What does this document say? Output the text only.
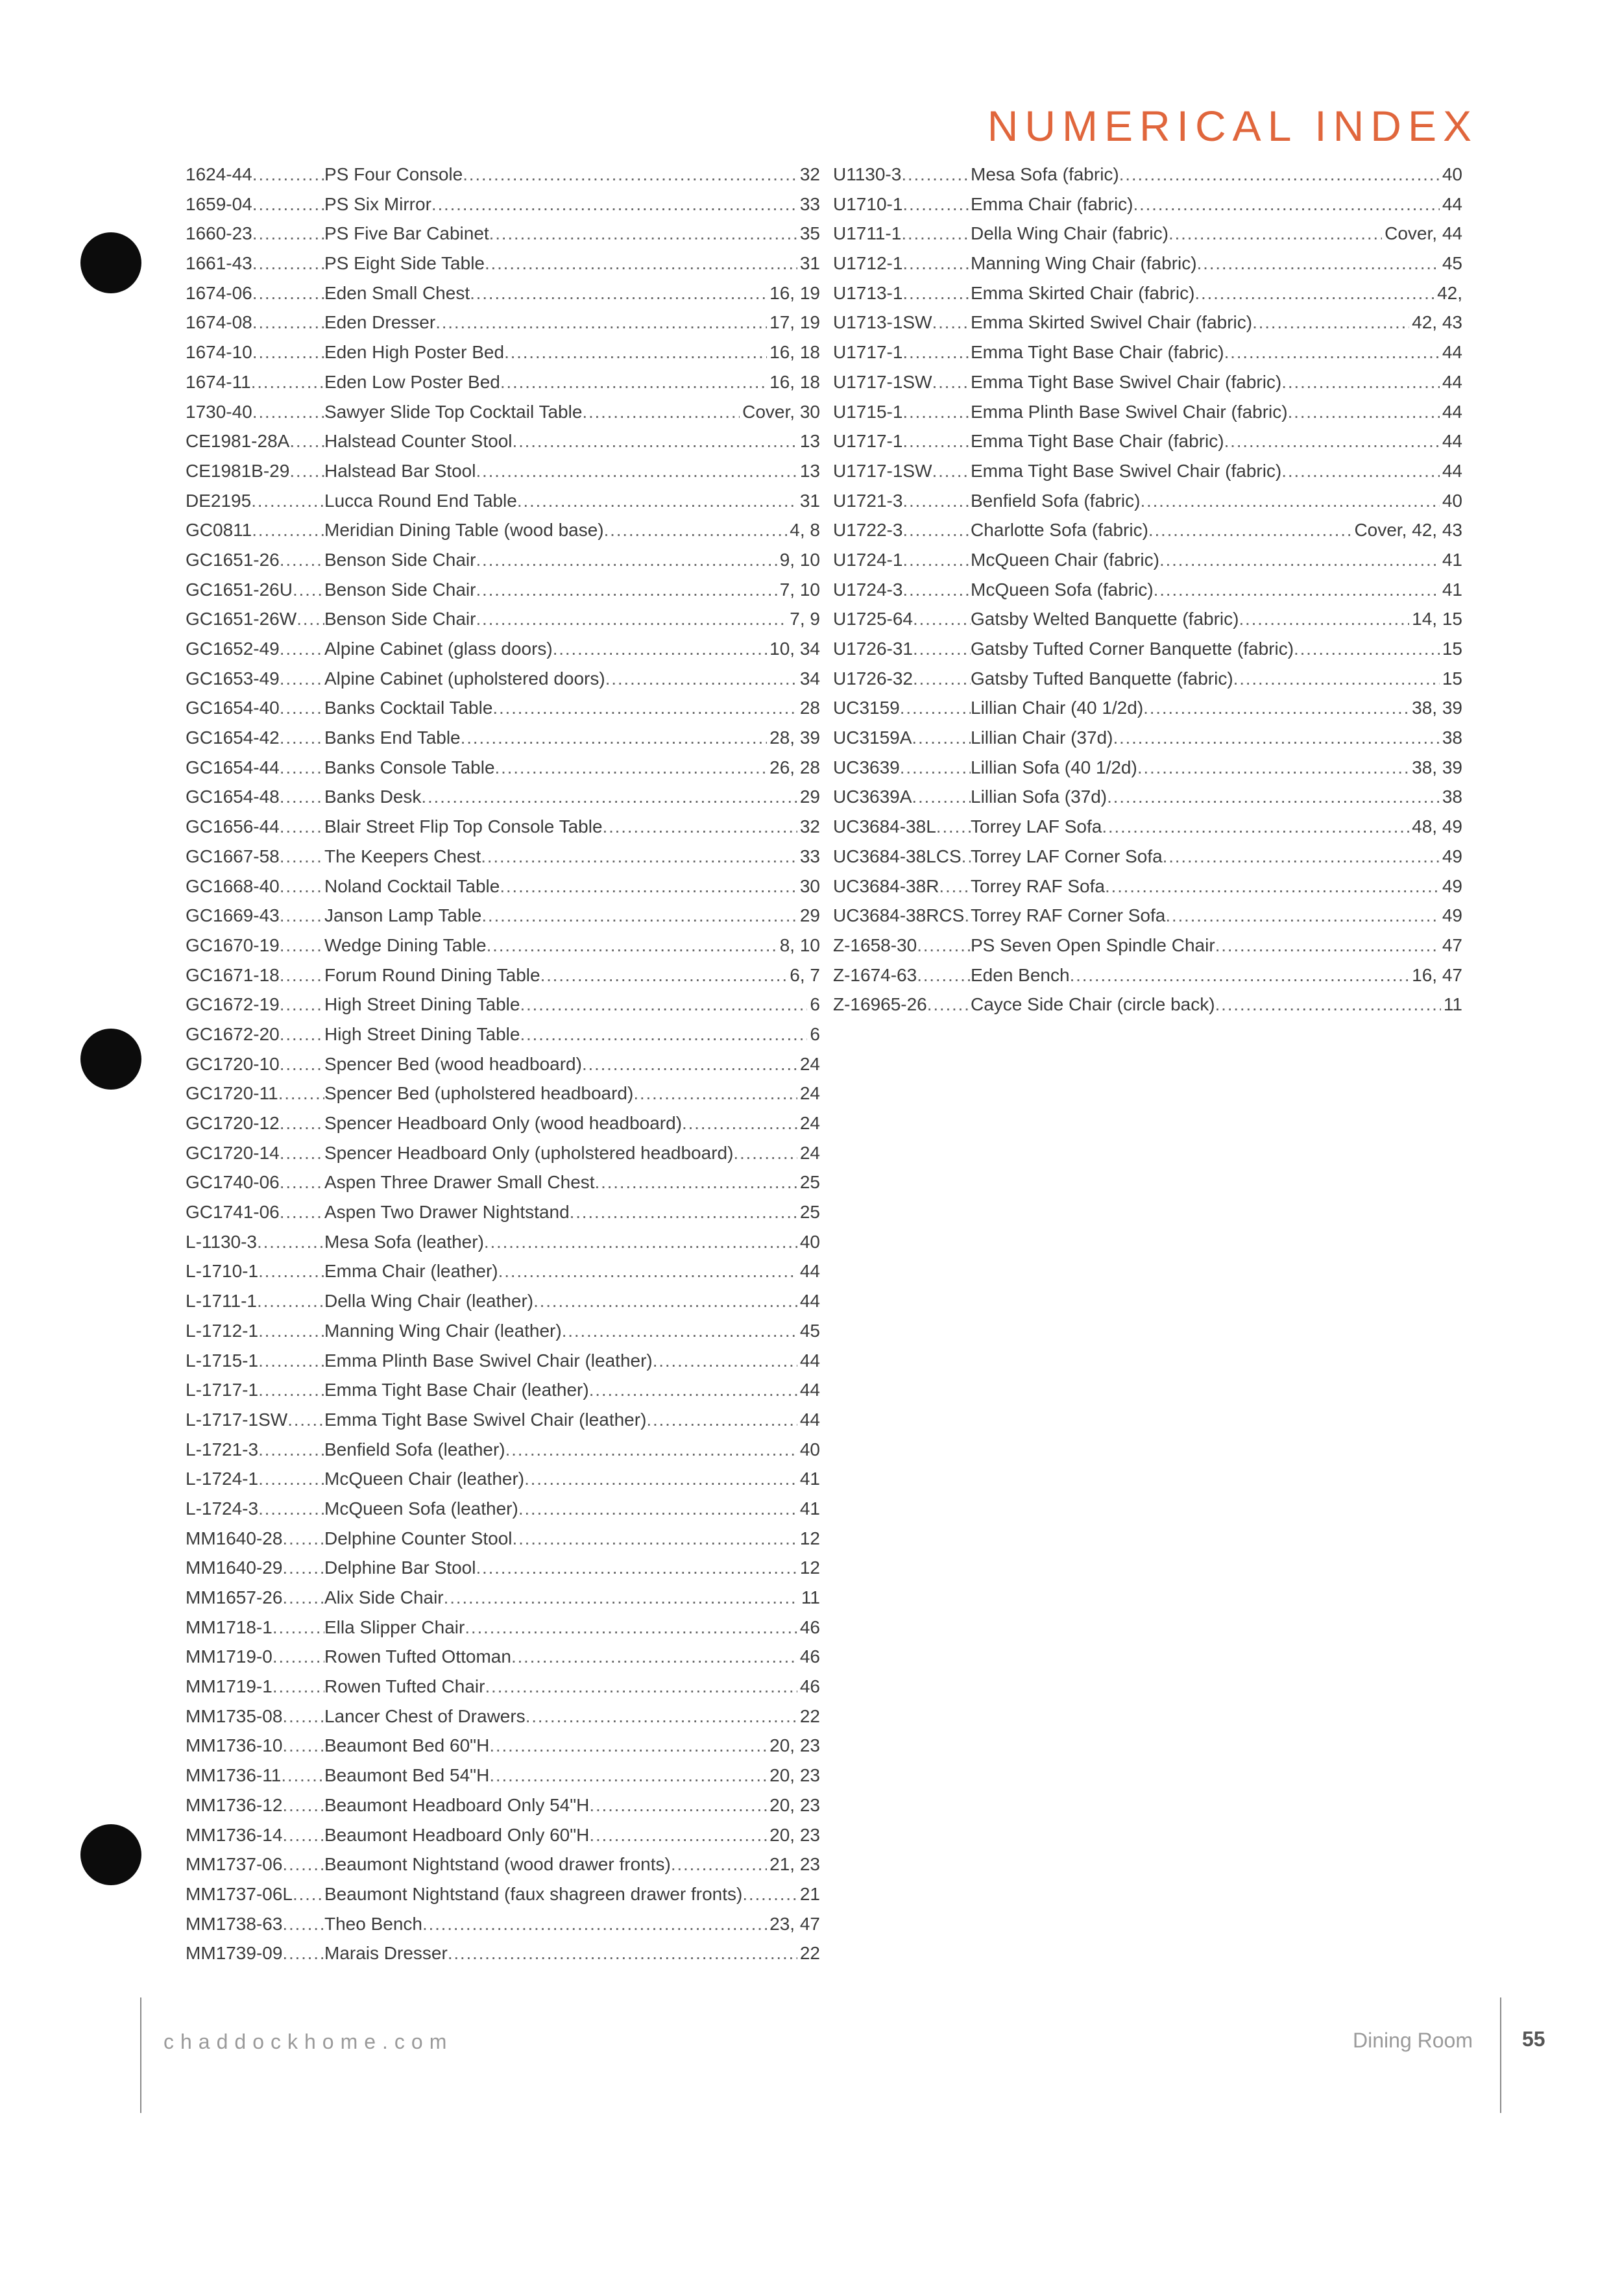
NUMERICAL INDEX
1624-44 . . .	PS Four Console . . .	32
1659-04 . . .	PS Six Mirror . . .	33
1660-23 . . .	PS Five Bar Cabinet . . .	35
1661-43 . . .	PS Eight Side Table . . .	31
1674-06 . . .	Eden Small Chest . . .	16, 19
1674-08 . . .	Eden Dresser . . .	17, 19
1674-10 . . .	Eden High Poster Bed . . .	16, 18
1674-11 . . .	Eden Low Poster Bed . . .	16, 18
1730-40 . . .	Sawyer Slide Top Cocktail Table . . .	Cover, 30
CE1981-28A . . . Halstead Counter Stool . . .	13
CE1981B-29 . . . Halstead Bar Stool . . .	13
DE2195 . . .	Lucca Round End Table . . .	31
GC0811 . . .	Meridian Dining Table (wood base) . . .	4, 8
GC1651-26 . . . Benson Side Chair . . .	9, 10
GC1651-26U . . . Benson Side Chair . . .	7, 10
GC1651-26W . . . Benson Side Chair . . .	7, 9
GC1652-49 . . . Alpine Cabinet (glass doors) . . .	10, 34
GC1653-49 . . . Alpine Cabinet (upholstered doors) . . .	34
GC1654-40 . . . Banks Cocktail Table . . .	28
GC1654-42 . . . Banks End Table . . .	28, 39
GC1654-44 . . . Banks Console Table . . .	26, 28
GC1654-48 . . . Banks Desk . . .	29
GC1656-44 . . . Blair Street Flip Top Console Table . . .	32
GC1667-58 . . . The Keepers Chest . . .	33
GC1668-40 . . . Noland Cocktail Table . . .	30
GC1669-43 . . . Janson Lamp Table . . .	29
GC1670-19 . . . Wedge Dining Table . . .	8, 10
GC1671-18 . . . Forum Round Dining Table . . .	6, 7
GC1672-19 . . . High Street Dining Table . . .	6
GC1672-20 . . . High Street Dining Table . . .	6
GC1720-10 . . . Spencer Bed (wood headboard) . . .	24
GC1720-11 . . .	Spencer Bed (upholstered headboard) . . .	24
GC1720-12 . . . Spencer Headboard Only (wood headboard) . . .	24
GC1720-14 . . . Spencer Headboard Only (upholstered headboard) . . .	24
GC1740-06 . . . Aspen Three Drawer Small Chest . . .	25
GC1741-06 . . . Aspen Two Drawer Nightstand . . .	25
L-1130-3 . . .	Mesa Sofa (leather) . . .	40
L-1710-1 . . .	Emma Chair (leather) . . .	44
L-1711-1 . . .	Della Wing Chair (leather) . . .	44
L-1712-1 . . .	Manning Wing Chair (leather) . . .	45
L-1715-1 . . .	Emma Plinth Base Swivel Chair (leather) . . .	44
L-1717-1 . . .	Emma Tight Base Chair (leather) . . .	44
L-1717-1SW . . . Emma Tight Base Swivel Chair (leather) . . .	44
L-1721-3 . . .	Benfield Sofa (leather) . . .	40
L-1724-1 . . .	McQueen Chair (leather) . . .	41
L-1724-3 . . .	McQueen Sofa (leather) . . .	41
MM1640-28 . . . Delphine Counter Stool . . .	12
MM1640-29 . . . Delphine Bar Stool . . .	12
MM1657-26 . . . Alix Side Chair . . .	11
MM1718-1 . . .	Ella Slipper Chair . . .	46
MM1719-0 . . .	Rowen Tufted Ottoman . . .	46
MM1719-1 . . .	Rowen Tufted Chair . . .	46
MM1735-08 . . . Lancer Chest of Drawers . . .	22
MM1736-10 . . . Beaumont Bed 60"H . . .	20, 23
MM1736-11 . . . Beaumont Bed 54"H . . .	20, 23
MM1736-12 . . . Beaumont Headboard Only 54"H . . .	20, 23
MM1736-14 . . . Beaumont Headboard Only 60"H . . .	20, 23
MM1737-06 . . . Beaumont Nightstand (wood drawer fronts) . . .	21, 23
MM1737-06L . . . Beaumont Nightstand (faux shagreen drawer fronts) . . .	21
MM1738-63 . . . Theo Bench . . .	23, 47
MM1739-09 . . . Marais Dresser . . .	22
U1130-3 . . .	Mesa Sofa (fabric) . . .	40
U1710-1 . . .	Emma Chair (fabric) . . .	44
U1711-1 . . .	Della Wing Chair (fabric) . . .	Cover, 44
U1712-1 . . .	Manning Wing Chair (fabric) . . .	45
U1713-1 . . .	Emma Skirted Chair (fabric) . . .	42,
U1713-1SW . . . Emma Skirted Swivel Chair (fabric) . . .	42, 43
U1717-1 . . .	Emma Tight Base Chair (fabric) . . .	44
U1717-1SW . . . Emma Tight Base Swivel Chair (fabric) . . .	44
U1715-1 . . .	Emma Plinth Base Swivel Chair (fabric) . . .	44
U1717-1 . . .	Emma Tight Base Chair (fabric) . . .	44
U1717-1SW . . . Emma Tight Base Swivel Chair (fabric) . . .	44
U1721-3 . . .	Benfield Sofa (fabric) . . .	40
U1722-3 . . .	Charlotte Sofa (fabric) . . .	Cover, 42, 43
U1724-1 . . .	McQueen Chair (fabric) . . .	41
U1724-3 . . .	McQueen Sofa (fabric) . . .	41
U1725-64 . . .	Gatsby Welted Banquette (fabric) . . .	14, 15
U1726-31 . . .	Gatsby Tufted Corner Banquette (fabric) . . .	15
U1726-32 . . .	Gatsby Tufted Banquette (fabric) . . .	15
UC3159 . . .	Lillian Chair (40 1/2d) . . .	38, 39
UC3159A . . .	Lillian Chair (37d) . . .	38
UC3639 . . .	Lillian Sofa (40 1/2d) . . .	38, 39
UC3639A . . .	Lillian Sofa (37d) . . .	38
UC3684-38L . . . Torrey LAF Sofa . . .	48, 49
UC3684-38LCS . . . Torrey LAF Corner Sofa . . .	49
UC3684-38R . . . Torrey RAF Sofa . . .	49
UC3684-38RCS . . . Torrey RAF Corner Sofa . . .	49
Z-1658-30 . . .	PS Seven Open Spindle Chair . . .	47
Z-1674-63 . . .	Eden Bench . . .	16, 47
Z-16965-26 . . . Cayce Side Chair (circle back) . . .	11
chaddockhome.com	Dining Room 55
